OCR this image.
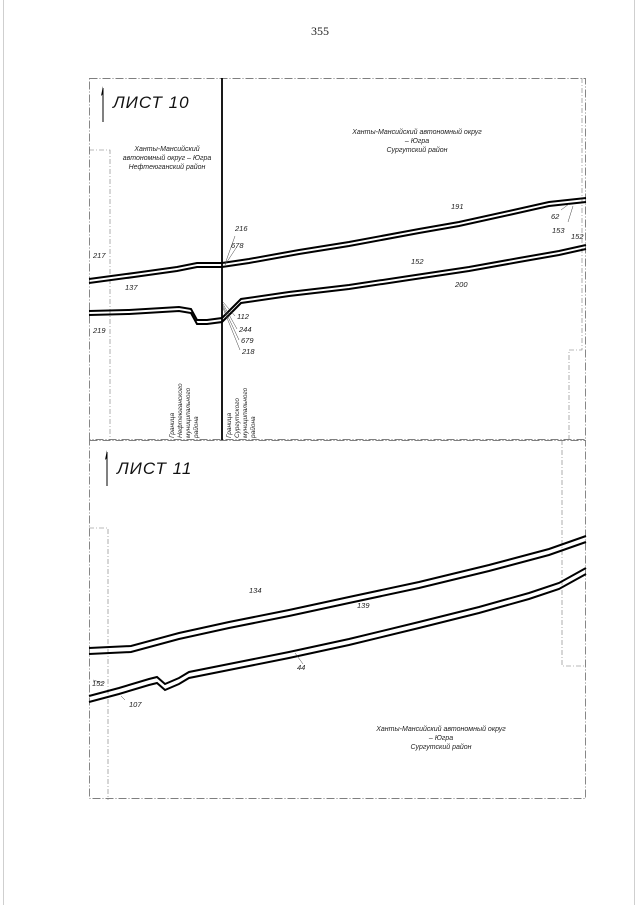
355
ЛИСТ 10
Ханты-Мансийский
автономный округ – Югра
Нефтеюганский район
Ханты-Мансийский автономный округ
– Югра
Сургутский район
Граница
Нефтеюганского
муниципального
района	Граница
Сургутского
муниципального
района
217
137
219
216
678
112
244
679
218
191
152
200
62
153
152
ЛИСТ 11
Ханты-Мансийский автономный округ
– Югра
Сургутский район
134
139
152
44
107
